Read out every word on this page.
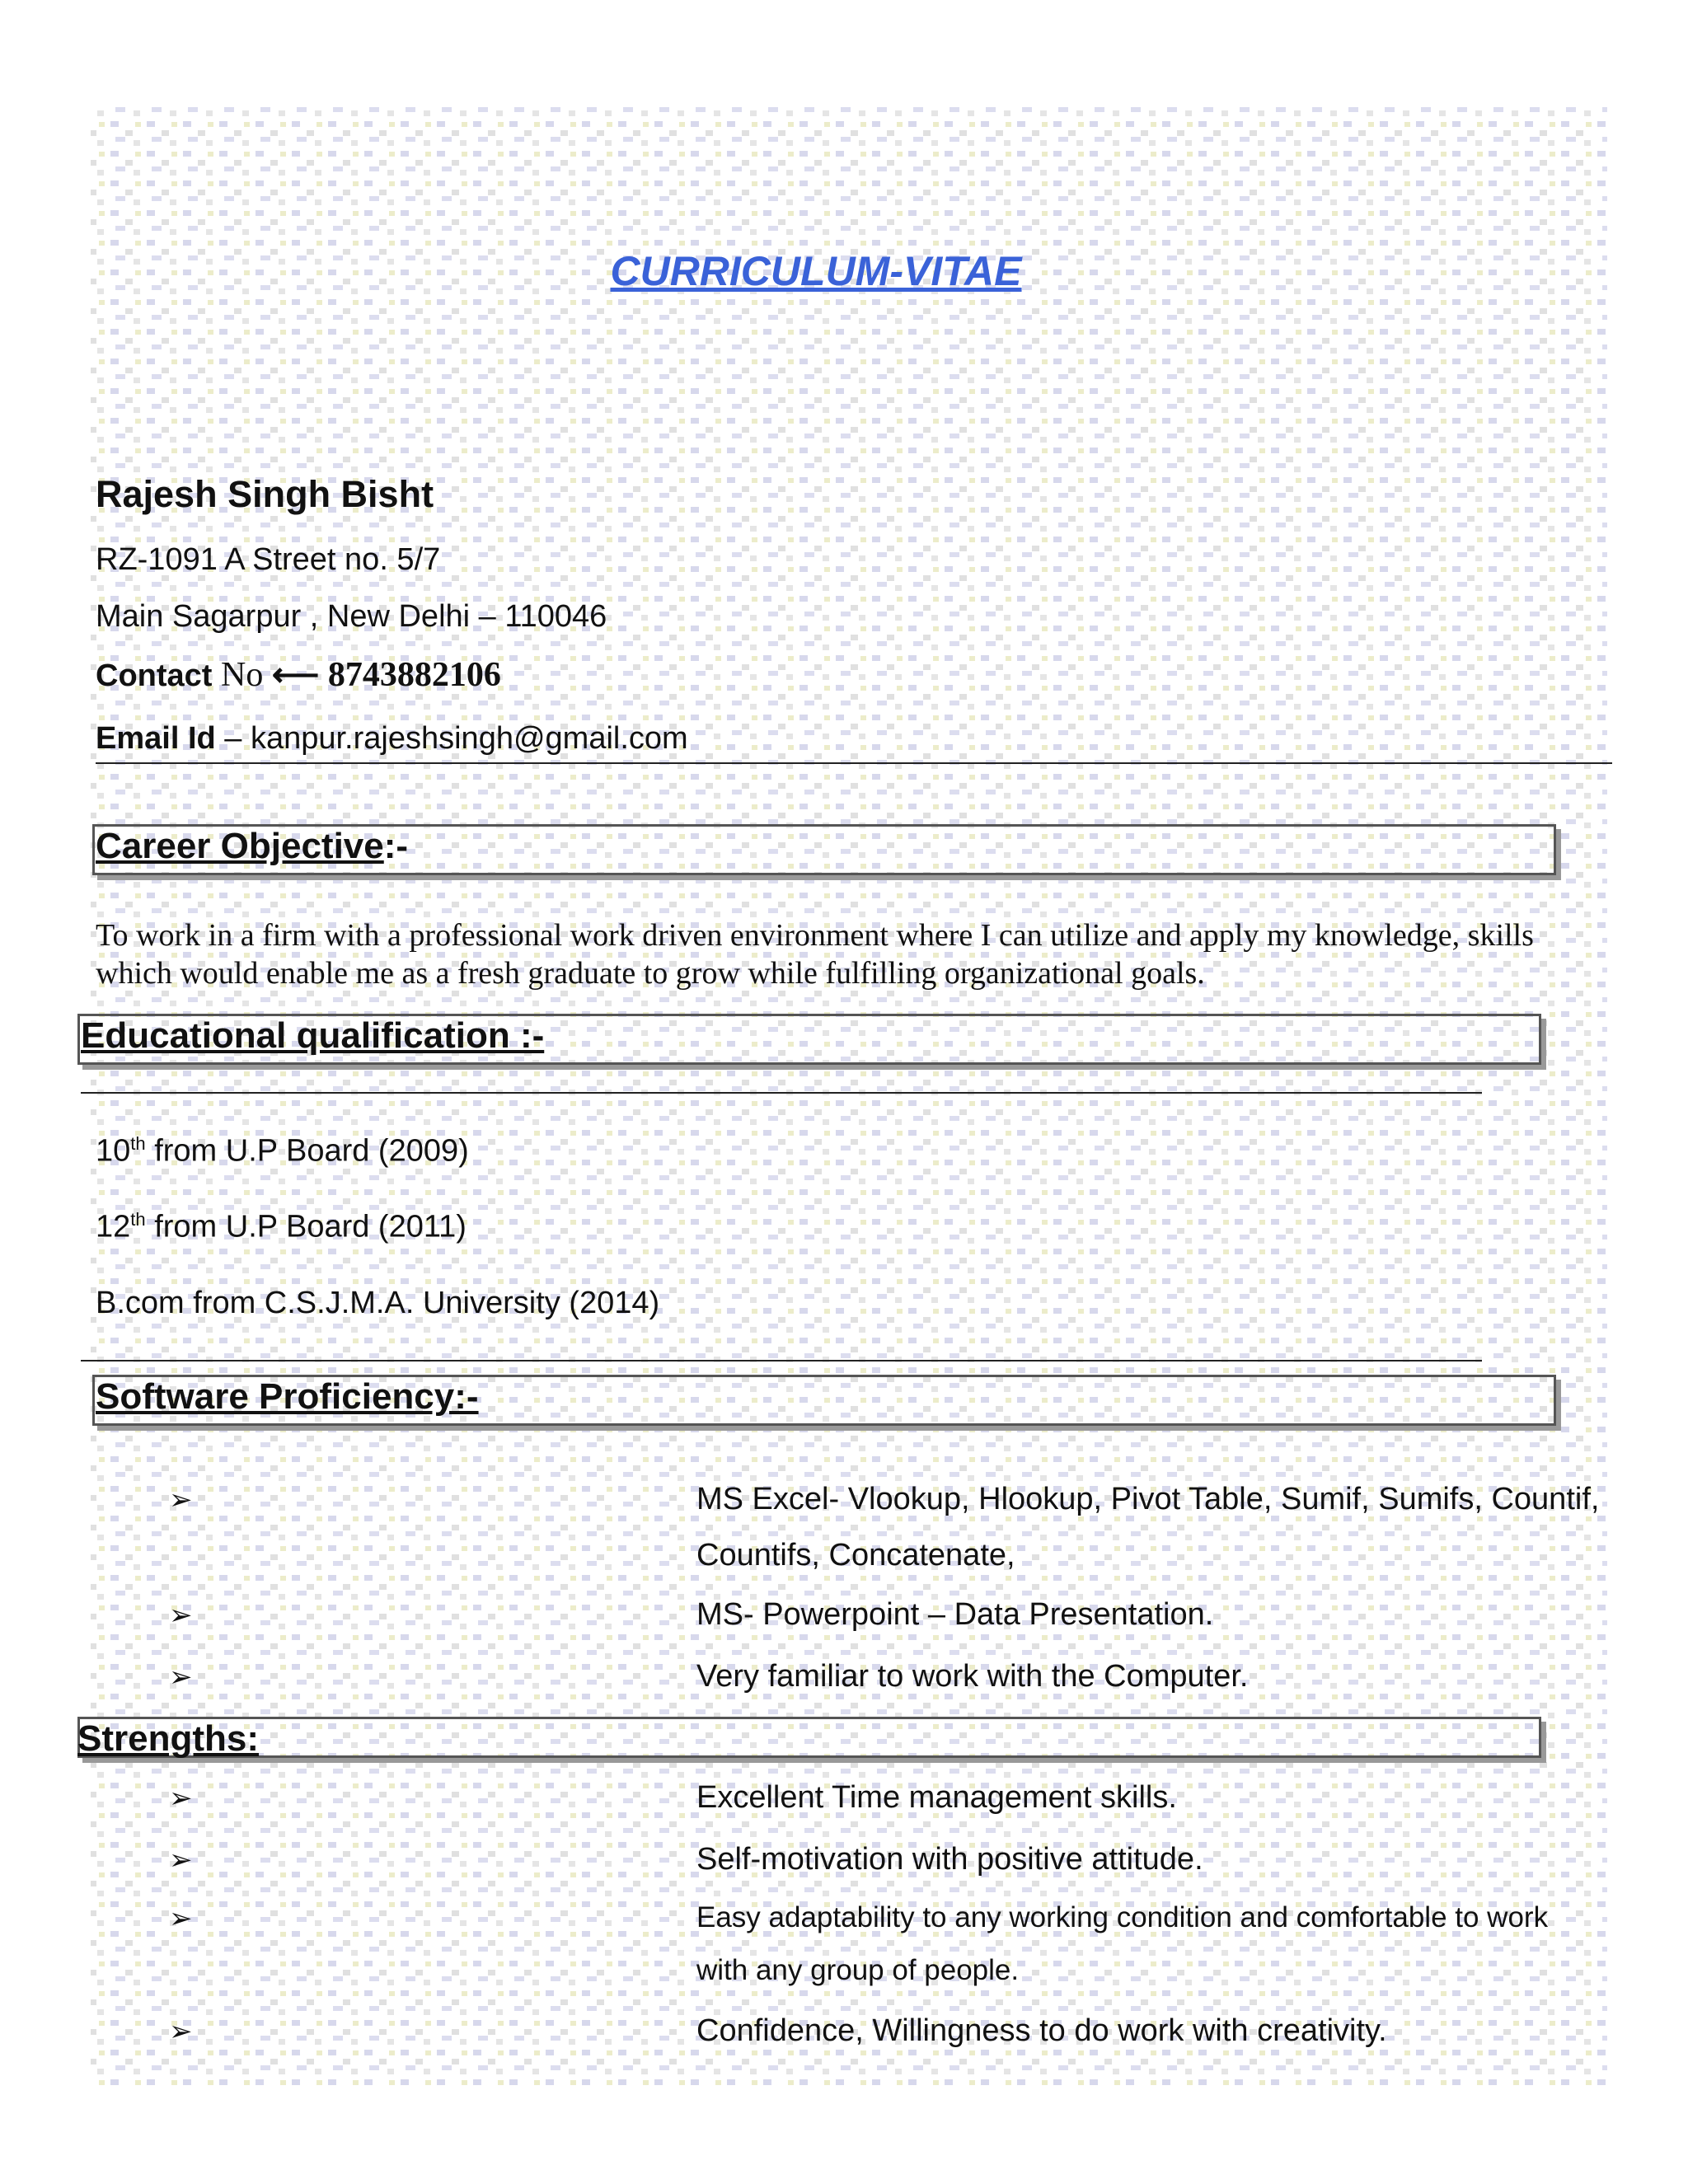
CURRICULUM-VITAE
Rajesh Singh Bisht
RZ-1091 A Street no. 5/7
Main Sagarpur , New Delhi – 110046
Contact No ⟵ 8743882106
Email Id – kanpur.rajeshsingh@gmail.com
Career Objective:-
To work in a firm with a professional work driven environment where I can utilize and apply my knowledge, skills which would enable me as a fresh graduate to grow while fulfilling organizational goals.
Educational qualification :-
10th from U.P Board (2009)
12th from U.P Board (2011)
B.com from C.S.J.M.A. University (2014)
Software Proficiency:-
➢	MS Excel- Vlookup, Hlookup, Pivot Table, Sumif, Sumifs, Countif, Countifs, Concatenate,
➢	MS- Powerpoint – Data Presentation.
➢	Very familiar to work with the Computer.
Strengths:
➢	Excellent Time management skills.
➢	Self-motivation with positive attitude.
➢	Easy adaptability to any working condition and comfortable to work with any group of people.
➢	Confidence, Willingness to do work with creativity.
